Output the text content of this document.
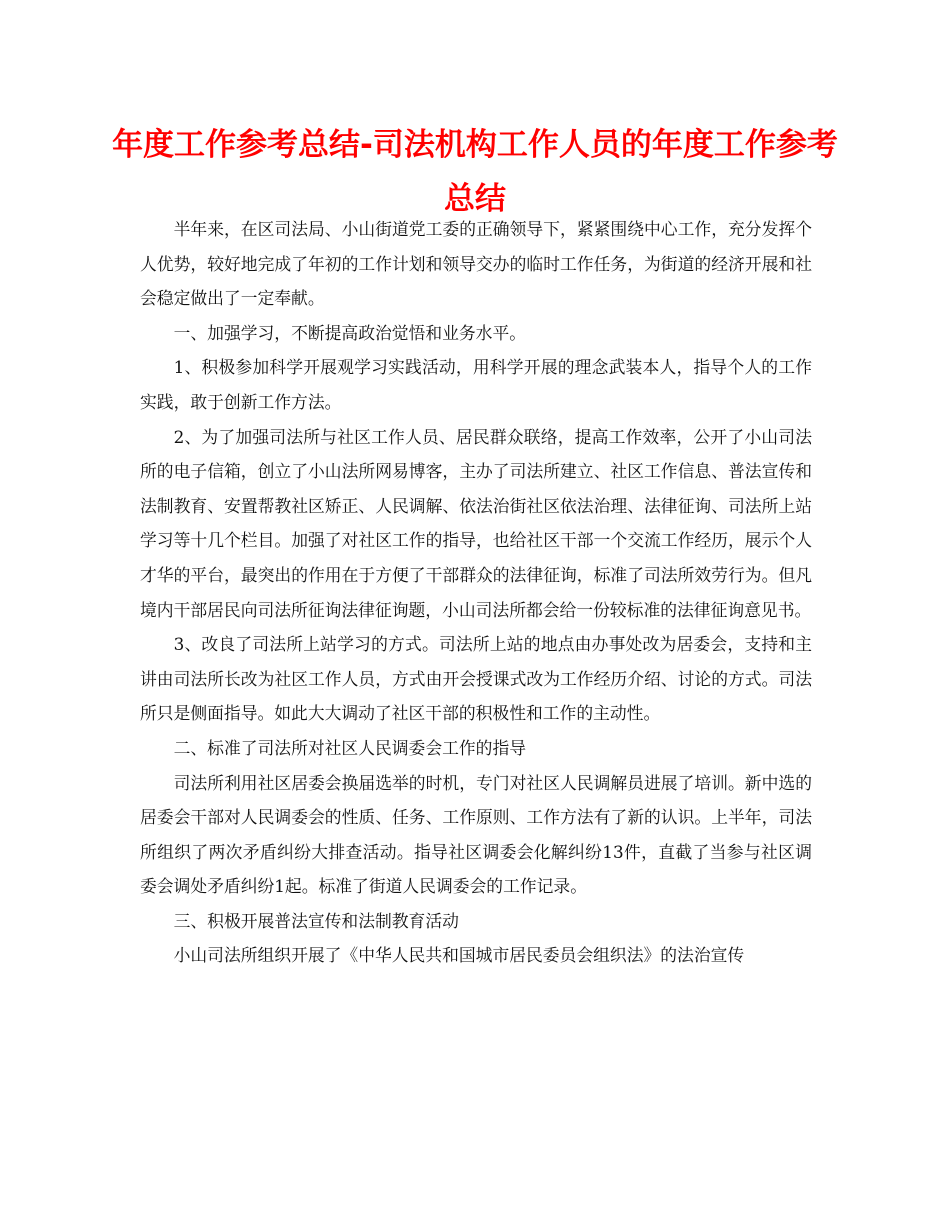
年度工作参考总结-司法机构工作人员的年度工作参考总结

半年来，在区司法局、小山街道党工委的正确领导下，紧紧围绕中心工作，充分发挥个人优势，较好地完成了年初的工作计划和领导交办的临时工作任务，为街道的经济开展和社会稳定做出了一定奉献。

一、加强学习，不断提高政治觉悟和业务水平。

1、积极参加科学开展观学习实践活动，用科学开展的理念武装本人，指导个人的工作实践，敢于创新工作方法。

2、为了加强司法所与社区工作人员、居民群众联络，提高工作效率，公开了小山司法所的电子信箱，创立了小山法所网易博客，主办了司法所建立、社区工作信息、普法宣传和法制教育、安置帮教社区矫正、人民调解、依法治街社区依法治理、法律征询、司法所上站学习等十几个栏目。加强了对社区工作的指导，也给社区干部一个交流工作经历，展示个人才华的平台，最突出的作用在于方便了干部群众的法律征询，标准了司法所效劳行为。但凡境内干部居民向司法所征询法律征询题，小山司法所都会给一份较标准的法律征询意见书。

3、改良了司法所上站学习的方式。司法所上站的地点由办事处改为居委会，支持和主讲由司法所长改为社区工作人员，方式由开会授课式改为工作经历介绍、讨论的方式。司法所只是侧面指导。如此大大调动了社区干部的积极性和工作的主动性。

二、标准了司法所对社区人民调委会工作的指导

司法所利用社区居委会换届选举的时机，专门对社区人民调解员进展了培训。新中选的居委会干部对人民调委会的性质、任务、工作原则、工作方法有了新的认识。上半年，司法所组织了两次矛盾纠纷大排查活动。指导社区调委会化解纠纷13件，直截了当参与社区调委会调处矛盾纠纷1起。标准了街道人民调委会的工作记录。

三、积极开展普法宣传和法制教育活动

小山司法所组织开展了《中华人民共和国城市居民委员会组织法》的法治宣传
